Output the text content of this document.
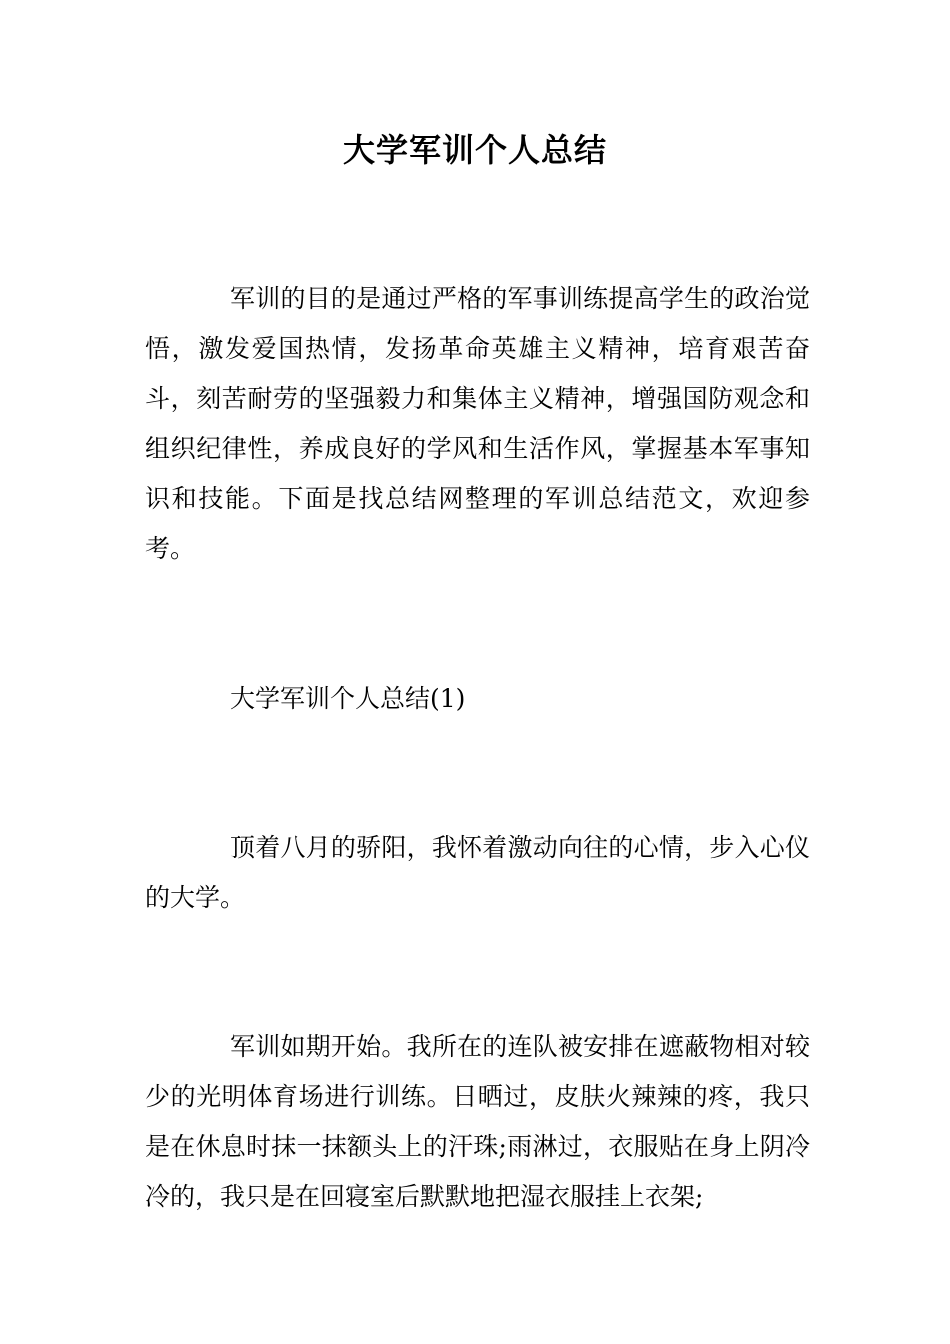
大学军训个人总结

军训的目的是通过严格的军事训练提高学生的政治觉悟，激发爱国热情，发扬革命英雄主义精神，培育艰苦奋斗，刻苦耐劳的坚强毅力和集体主义精神，增强国防观念和组织纪律性，养成良好的学风和生活作风，掌握基本军事知识和技能。下面是找总结网整理的军训总结范文，欢迎参考。

大学军训个人总结(1)

顶着八月的骄阳，我怀着激动向往的心情，步入心仪的大学。

军训如期开始。我所在的连队被安排在遮蔽物相对较少的光明体育场进行训练。日晒过，皮肤火辣辣的疼，我只是在休息时抹一抹额头上的汗珠;雨淋过，衣服贴在身上阴冷冷的，我只是在回寝室后默默地把湿衣服挂上衣架;
